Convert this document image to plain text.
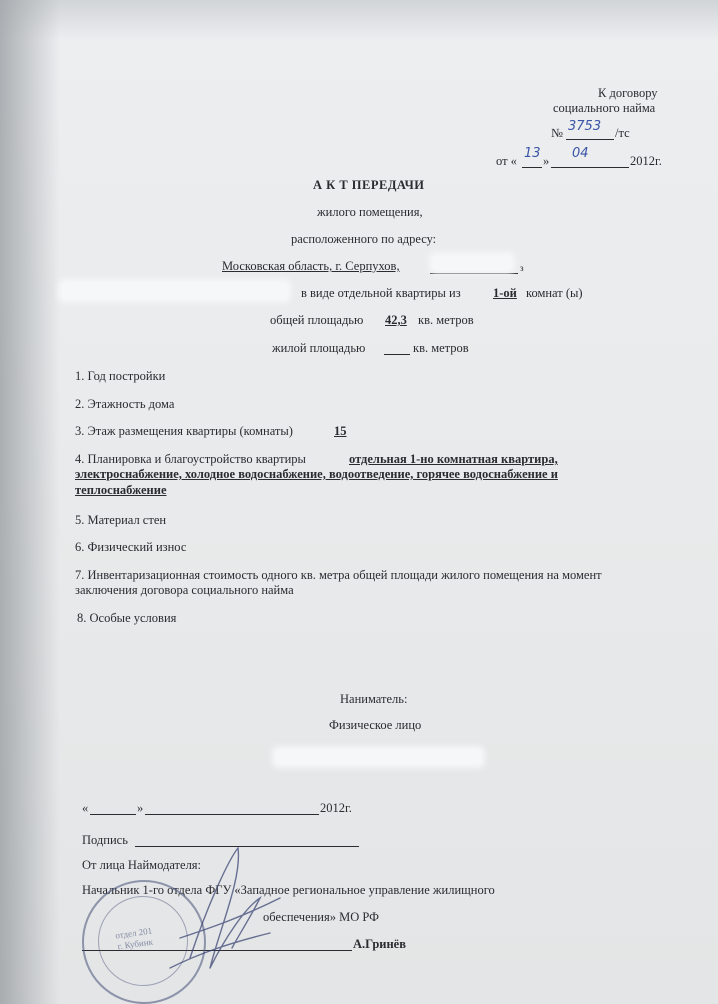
К договору
социального найма
№ 3753 /тс
от « 13 » 04	2012г.
А К Т ПЕРЕДАЧИ
жилого помещения,
расположенного по адресу:
Московская область, г. Серпухов,	з
в виде отдельной квартиры из	1-ой комнат (ы)
общей площадью 42,3 кв. метров
жилой площадью	кв. метров
1. Год постройки
2. Этажность дома
3. Этаж размещения квартиры (комнаты)	15
4. Планировка и благоустройство квартиры	отдельная 1-но комнатная квартира,
электроснабжение, холодное водоснабжение, водоотведение, горячее водоснабжение и
теплоснабжение
5. Материал стен
6. Физический износ
7. Инвентаризационная стоимость одного кв. метра общей площади жилого помещения на момент
заключения договора социального найма
8. Особые условия
Наниматель:
Физическое лицо
«	»	2012г.
Подпись
От лица Наймодателя:
Начальник 1-го отдела ФГУ «Западное региональное управление жилищного
обеспечения» МО РФ
А.Гринёв
отдел 201
г. Кубинк
